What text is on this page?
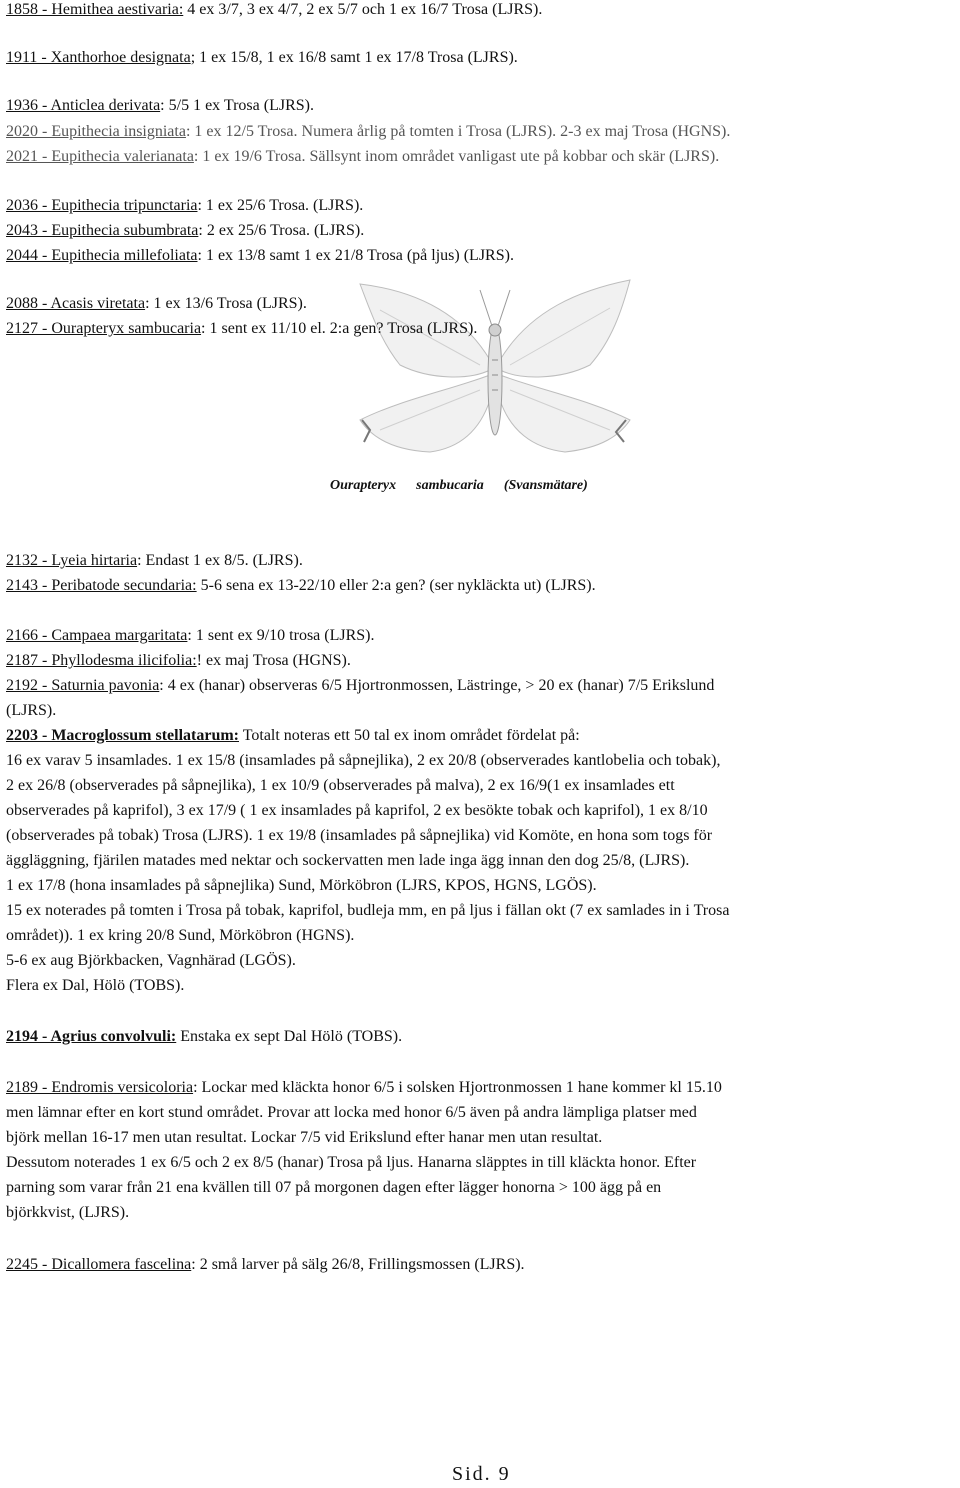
1858 - Hemithea aestivaria: 4 ex 3/7, 3 ex 4/7, 2 ex 5/7 och 1 ex 16/7 Trosa (LJRS).
1911 - Xanthorhoe designata; 1 ex 15/8, 1 ex 16/8 samt 1 ex 17/8 Trosa (LJRS).
1936 - Anticlea derivata: 5/5 1 ex Trosa (LJRS).
2020 - Eupithecia insigniata: 1 ex 12/5 Trosa. Numera årlig på tomten i Trosa (LJRS). 2-3 ex maj Trosa (HGNS).
2021 - Eupithecia valerianata: 1 ex 19/6 Trosa. Sällsynt inom området vanligast ute på kobbar och skär (LJRS).
2036 - Eupithecia tripunctaria: 1 ex 25/6 Trosa. (LJRS).
2043 - Eupithecia subumbrata: 2 ex 25/6 Trosa. (LJRS).
2044 - Eupithecia millefoliata: 1 ex 13/8 samt 1 ex 21/8 Trosa (på ljus) (LJRS).
2088 - Acasis viretata: 1 ex 13/6 Trosa (LJRS).
2127 - Ourapteryx sambucaria: 1 sent ex 11/10 el. 2:a gen? Trosa (LJRS).
Ourapteryx sambucaria (Svansmätare)
2132 - Lyeia hirtaria: Endast 1 ex 8/5. (LJRS).
2143 - Peribatode secundaria: 5-6 sena ex 13-22/10 eller 2:a gen? (ser nykläckta ut) (LJRS).
2166 - Campaea margaritata: 1 sent ex 9/10 trosa (LJRS).
2187 - Phyllodesma ilicifolia:! ex maj Trosa (HGNS).
2192 - Saturnia pavonia: 4 ex (hanar) observeras 6/5 Hjortronmossen, Lästringe, > 20 ex (hanar) 7/5 Erikslund
(LJRS).
2203 - Macroglossum stellatarum: Totalt noteras ett 50 tal ex inom området fördelat på:
16 ex varav 5 insamlades. 1 ex 15/8 (insamlades på såpnejlika), 2 ex 20/8 (observerades kantlobelia och tobak),
2 ex 26/8 (observerades på såpnejlika), 1 ex 10/9 (observerades på malva), 2 ex 16/9(1 ex insamlades ett
observerades på kaprifol), 3 ex 17/9 ( 1 ex insamlades på kaprifol, 2 ex besökte tobak och kaprifol), 1 ex 8/10
(observerades på tobak) Trosa (LJRS). 1 ex 19/8 (insamlades på såpnejlika) vid Komöte, en hona som togs för
äggläggning, fjärilen matades med nektar och sockervatten men lade inga ägg innan den dog 25/8, (LJRS).
1 ex 17/8 (hona insamlades på såpnejlika) Sund, Mörköbron (LJRS, KPOS, HGNS, LGÖS).
15 ex noterades på tomten i Trosa på tobak, kaprifol, budleja mm, en på ljus i fällan okt (7 ex samlades in i Trosa
området)). 1 ex kring 20/8 Sund, Mörköbron (HGNS).
5-6 ex aug Björkbacken, Vagnhärad (LGÖS).
Flera ex Dal, Hölö (TOBS).
2194 - Agrius convolvuli: Enstaka ex sept Dal Hölö (TOBS).
2189 - Endromis versicoloria: Lockar med kläckta honor 6/5 i solsken Hjortronmossen 1 hane kommer kl 15.10
men lämnar efter en kort stund området. Provar att locka med honor 6/5 även på andra lämpliga platser med
björk mellan 16-17 men utan resultat. Lockar 7/5 vid Erikslund efter hanar men utan resultat.
Dessutom noterades 1 ex 6/5 och 2 ex 8/5 (hanar) Trosa på ljus. Hanarna släpptes in till kläckta honor. Efter
parning som varar från 21 ena kvällen till 07 på morgonen dagen efter lägger honorna > 100 ägg på en
björkkvist, (LJRS).
2245 - Dicallomera fascelina: 2 små larver på sälg 26/8, Frillingsmossen (LJRS).
Sid. 9
